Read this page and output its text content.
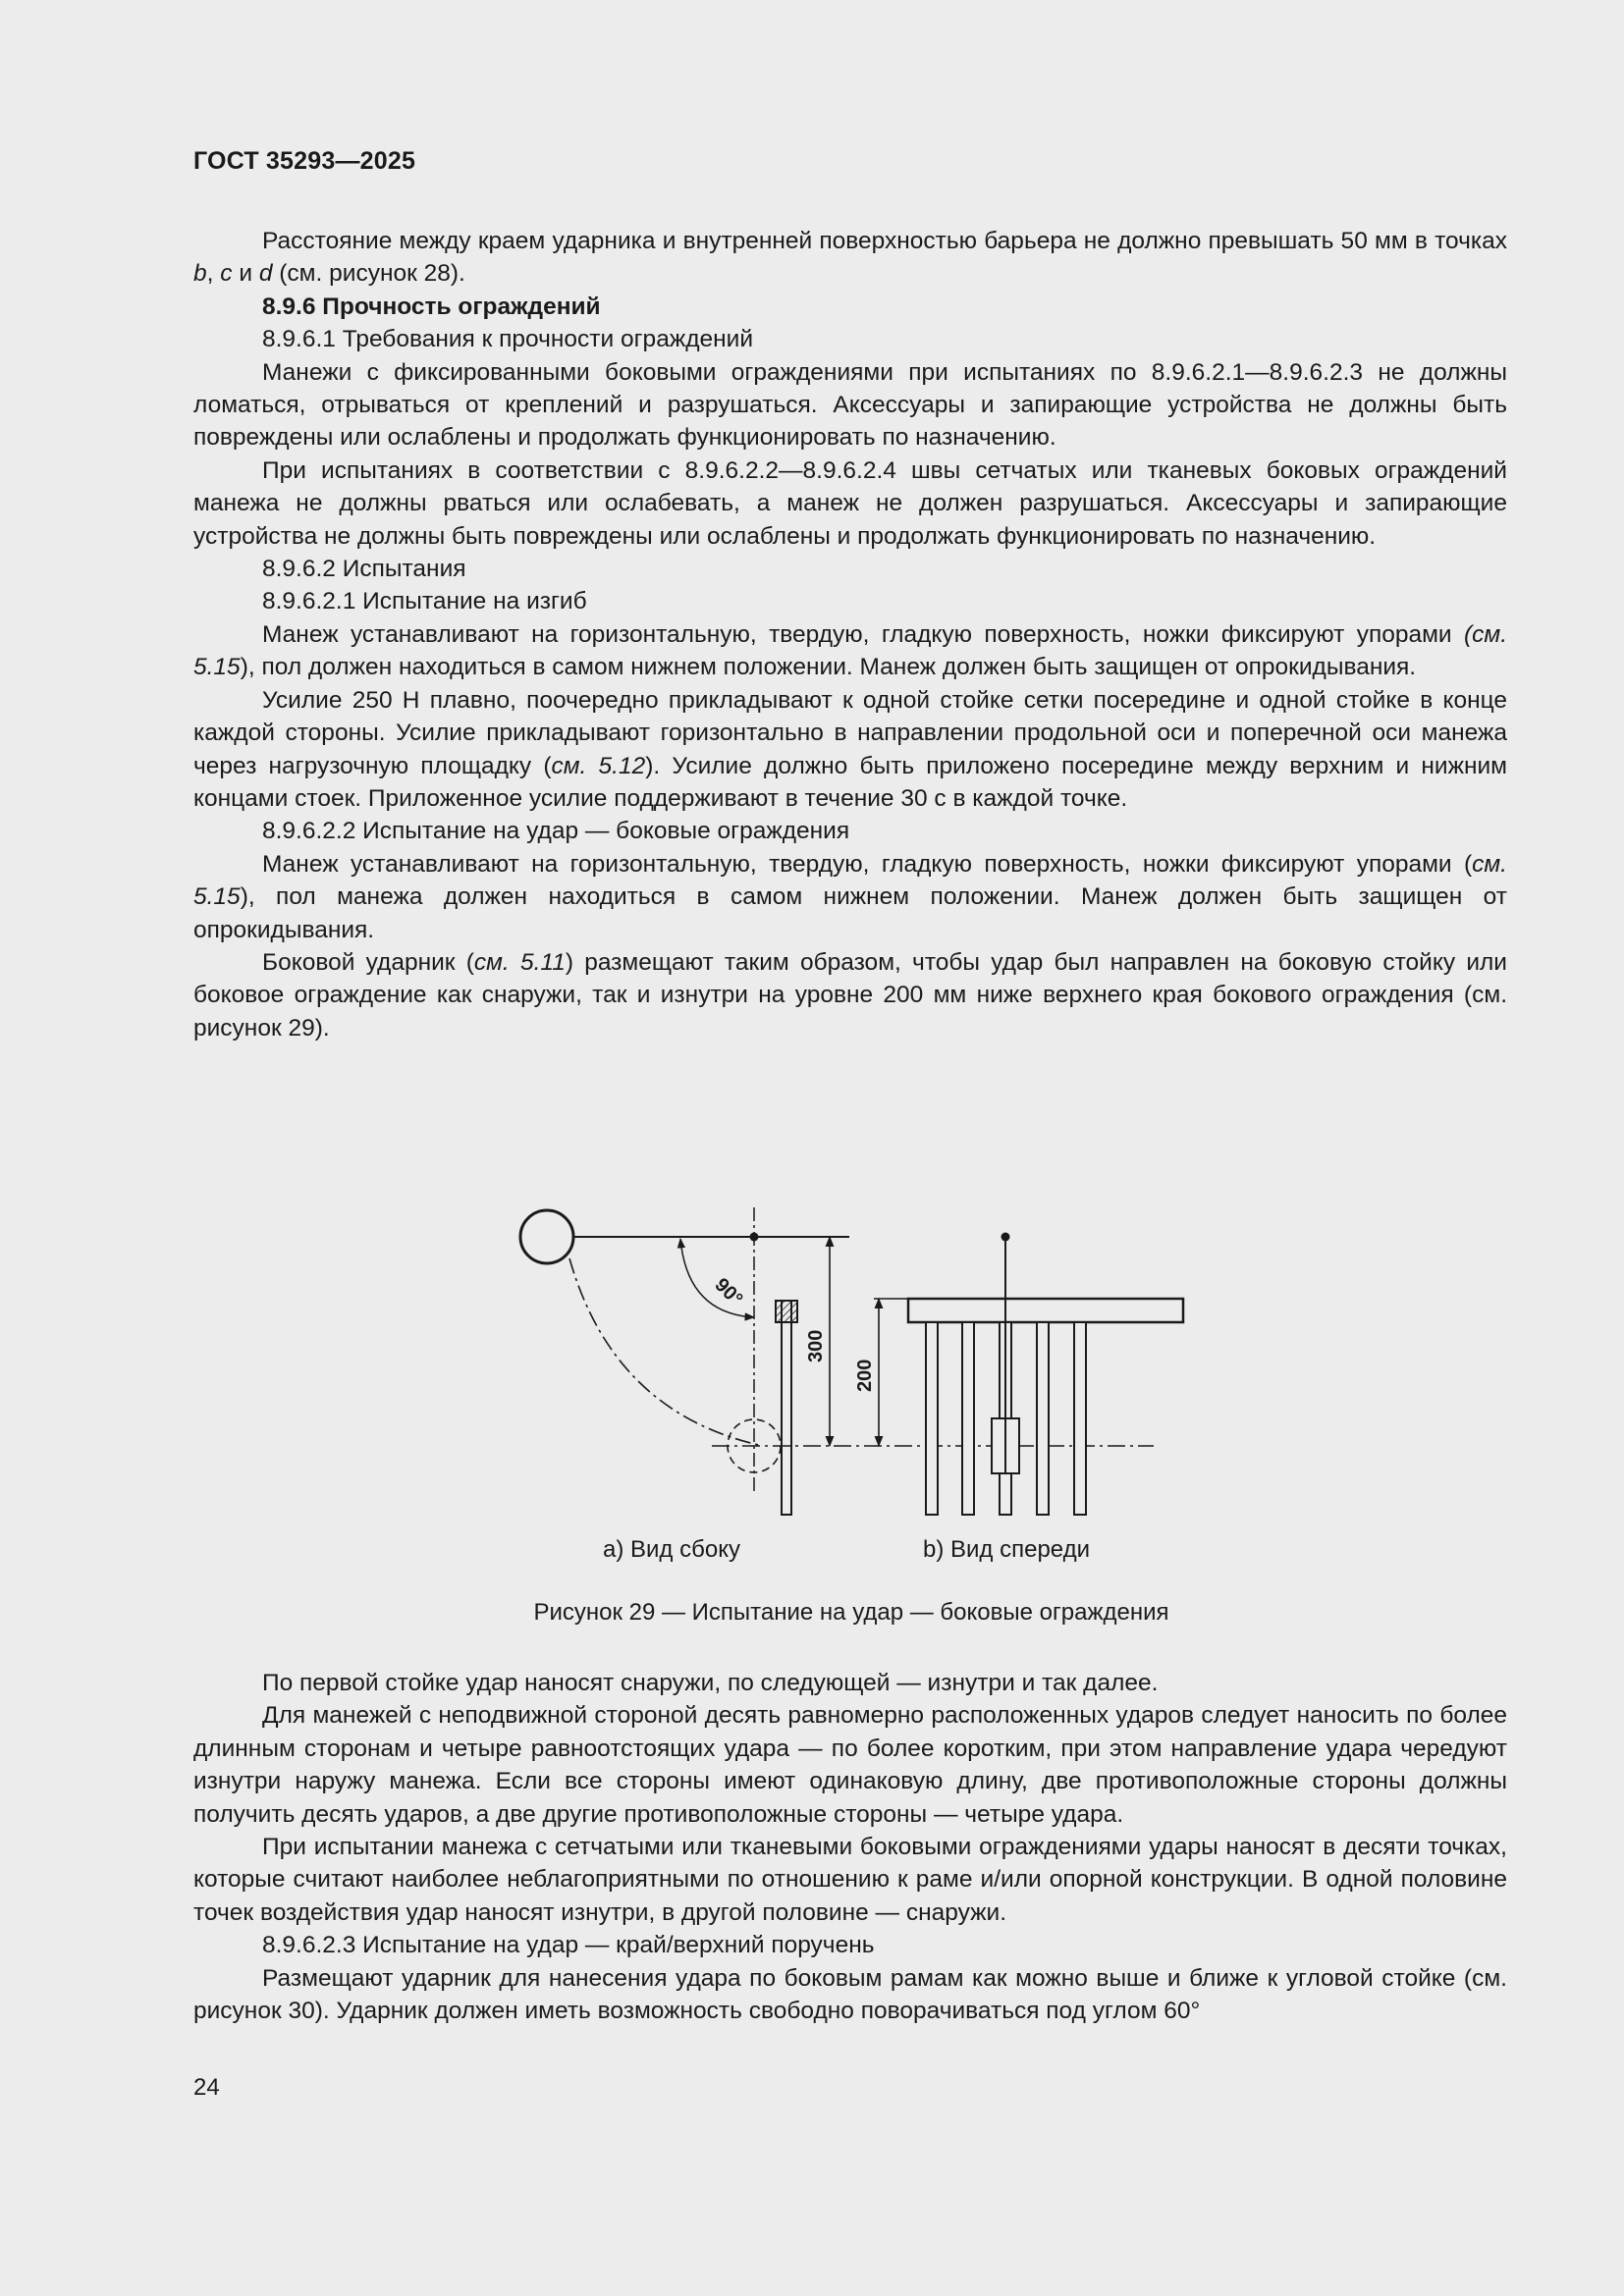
ГОСТ 35293—2025

Расстояние между краем ударника и внутренней поверхностью барьера не должно превышать 50 мм в точках b, c и d (см. рисунок 28).

8.9.6 Прочность ограждений

8.9.6.1 Требования к прочности ограждений

Манежи с фиксированными боковыми ограждениями при испытаниях по 8.9.6.2.1—8.9.6.2.3 не должны ломаться, отрываться от креплений и разрушаться. Аксессуары и запирающие устройства не должны быть повреждены или ослаблены и продолжать функционировать по назначению.

При испытаниях в соответствии с 8.9.6.2.2—8.9.6.2.4 швы сетчатых или тканевых боковых ограждений манежа не должны рваться или ослабевать, а манеж не должен разрушаться. Аксессуары и запирающие устройства не должны быть повреждены или ослаблены и продолжать функционировать по назначению.

8.9.6.2 Испытания

8.9.6.2.1 Испытание на изгиб

Манеж устанавливают на горизонтальную, твердую, гладкую поверхность, ножки фиксируют упорами (см. 5.15), пол должен находиться в самом нижнем положении. Манеж должен быть защищен от опрокидывания.

Усилие 250 Н плавно, поочередно прикладывают к одной стойке сетки посередине и одной стойке в конце каждой стороны. Усилие прикладывают горизонтально в направлении продольной оси и поперечной оси манежа через нагрузочную площадку (см. 5.12). Усилие должно быть приложено посередине между верхним и нижним концами стоек. Приложенное усилие поддерживают в течение 30 с в каждой точке.

8.9.6.2.2 Испытание на удар — боковые ограждения

Манеж устанавливают на горизонтальную, твердую, гладкую поверхность, ножки фиксируют упорами (см. 5.15), пол манежа должен находиться в самом нижнем положении. Манеж должен быть защищен от опрокидывания.

Боковой ударник (см. 5.11) размещают таким образом, чтобы удар был направлен на боковую стойку или боковое ограждение как снаружи, так и изнутри на уровне 200 мм ниже верхнего края бокового ограждения (см. рисунок 29).

90°
300
200
а) Вид сбоку	b) Вид спереди
Рисунок 29 — Испытание на удар — боковые ограждения

По первой стойке удар наносят снаружи, по следующей — изнутри и так далее.

Для манежей с неподвижной стороной десять равномерно расположенных ударов следует наносить по более длинным сторонам и четыре равноотстоящих удара — по более коротким, при этом направление удара чередуют изнутри наружу манежа. Если все стороны имеют одинаковую длину, две противоположные стороны должны получить десять ударов, а две другие противоположные стороны — четыре удара.

При испытании манежа с сетчатыми или тканевыми боковыми ограждениями удары наносят в десяти точках, которые считают наиболее неблагоприятными по отношению к раме и/или опорной конструкции. В одной половине точек воздействия удар наносят изнутри, в другой половине — снаружи.

8.9.6.2.3 Испытание на удар — край/верхний поручень

Размещают ударник для нанесения удара по боковым рамам как можно выше и ближе к угловой стойке (см. рисунок 30). Ударник должен иметь возможность свободно поворачиваться под углом 60°

24
